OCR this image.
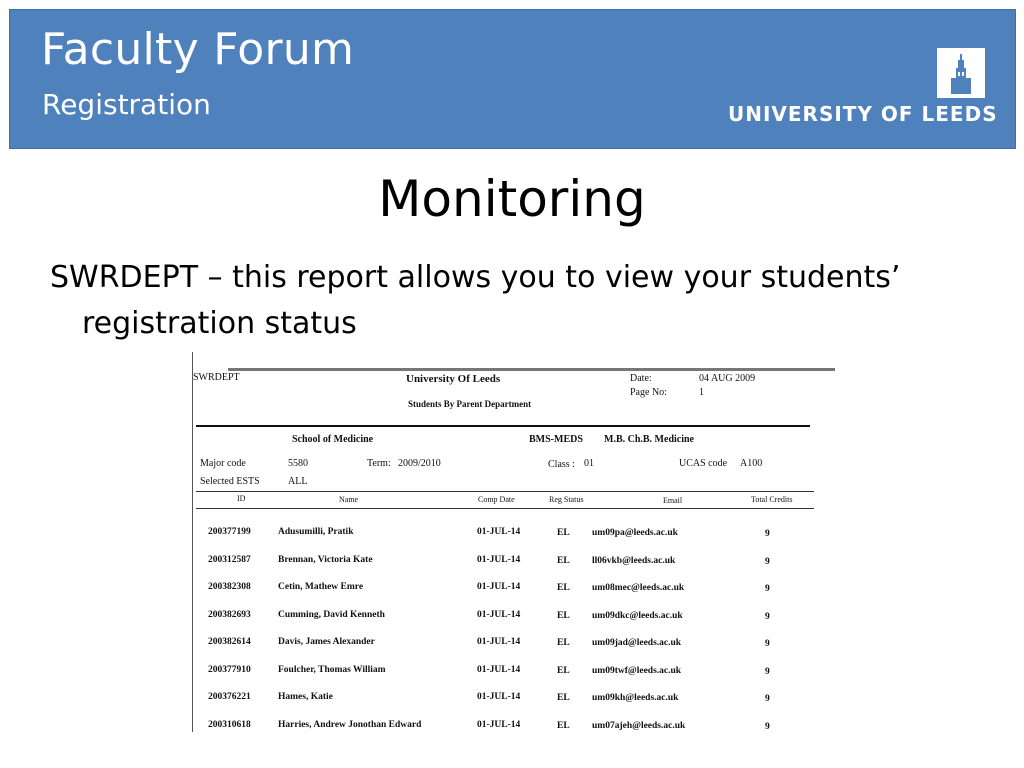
Faculty Forum
Registration	UNIVERSITY OF LEEDS
Monitoring
SWRDEPT – this report allows you to view your students’ registration status
SWRDEPT	University Of Leeds
Students By Parent Department
Date:	04 AUG 2009
Page No:	1
School of Medicine	BMS-MEDS M.B. Ch.B. Medicine
Major code	5580	Term: 2009/2010	Class : 01	UCAS code A100
Selected ESTS	ALL
ID	Name	Comp Date	Reg Status	Email	Total Credits
200377199	Adusumilli, Pratik	01-JUL-14	EL um09pa@leeds.ac.uk	9
200312587	Brennan, Victoria Kate	01-JUL-14	EL ll06vkb@leeds.ac.uk	9
200382308	Cetin, Mathew Emre	01-JUL-14	EL um08mec@leeds.ac.uk	9
200382693	Cumming, David Kenneth	01-JUL-14	EL um09dkc@leeds.ac.uk	9
200382614	Davis, James Alexander	01-JUL-14	EL um09jad@leeds.ac.uk	9
200377910	Foulcher, Thomas William	01-JUL-14	EL um09twf@leeds.ac.uk	9
200376221	Hames, Katie	01-JUL-14	EL um09kh@leeds.ac.uk	9
200310618	Harries, Andrew Jonothan Edward	01-JUL-14	EL um07ajeh@leeds.ac.uk	9
